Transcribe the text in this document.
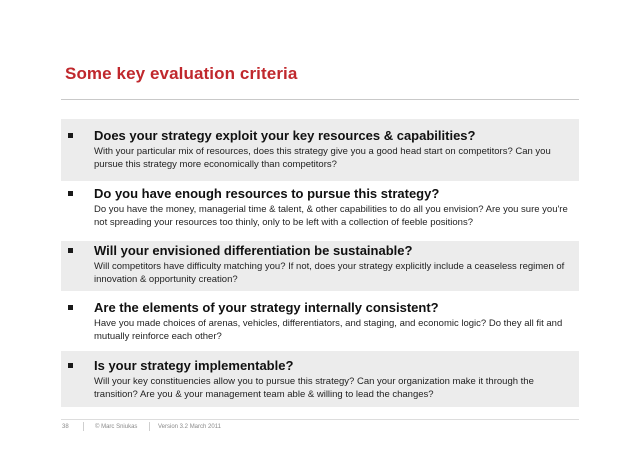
Some key evaluation criteria
Does your strategy exploit your key resources & capabilities?
With your particular mix of resources, does this strategy give you a good head start on competitors? Can you pursue this strategy more economically than competitors?
Do you have enough resources to pursue this strategy?
Do you have the money, managerial time & talent, & other capabilities to do all you envision? Are you sure you're not spreading your resources too thinly, only to be left with a collection of feeble positions?
Will your envisioned differentiation be sustainable?
Will competitors have difficulty matching you? If not, does your strategy explicitly include a ceaseless regimen of innovation & opportunity creation?
Are the elements of your strategy internally consistent?
Have you made choices of arenas, vehicles, differentiators, and staging, and economic logic? Do they all fit and mutually reinforce each other?
Is your strategy implementable?
Will your key constituencies allow you to pursue this strategy? Can your organization make it through the transition? Are you & your management team able & willing to lead the changes?
38	© Marc Sniukas	Version 3.2 March 2011
